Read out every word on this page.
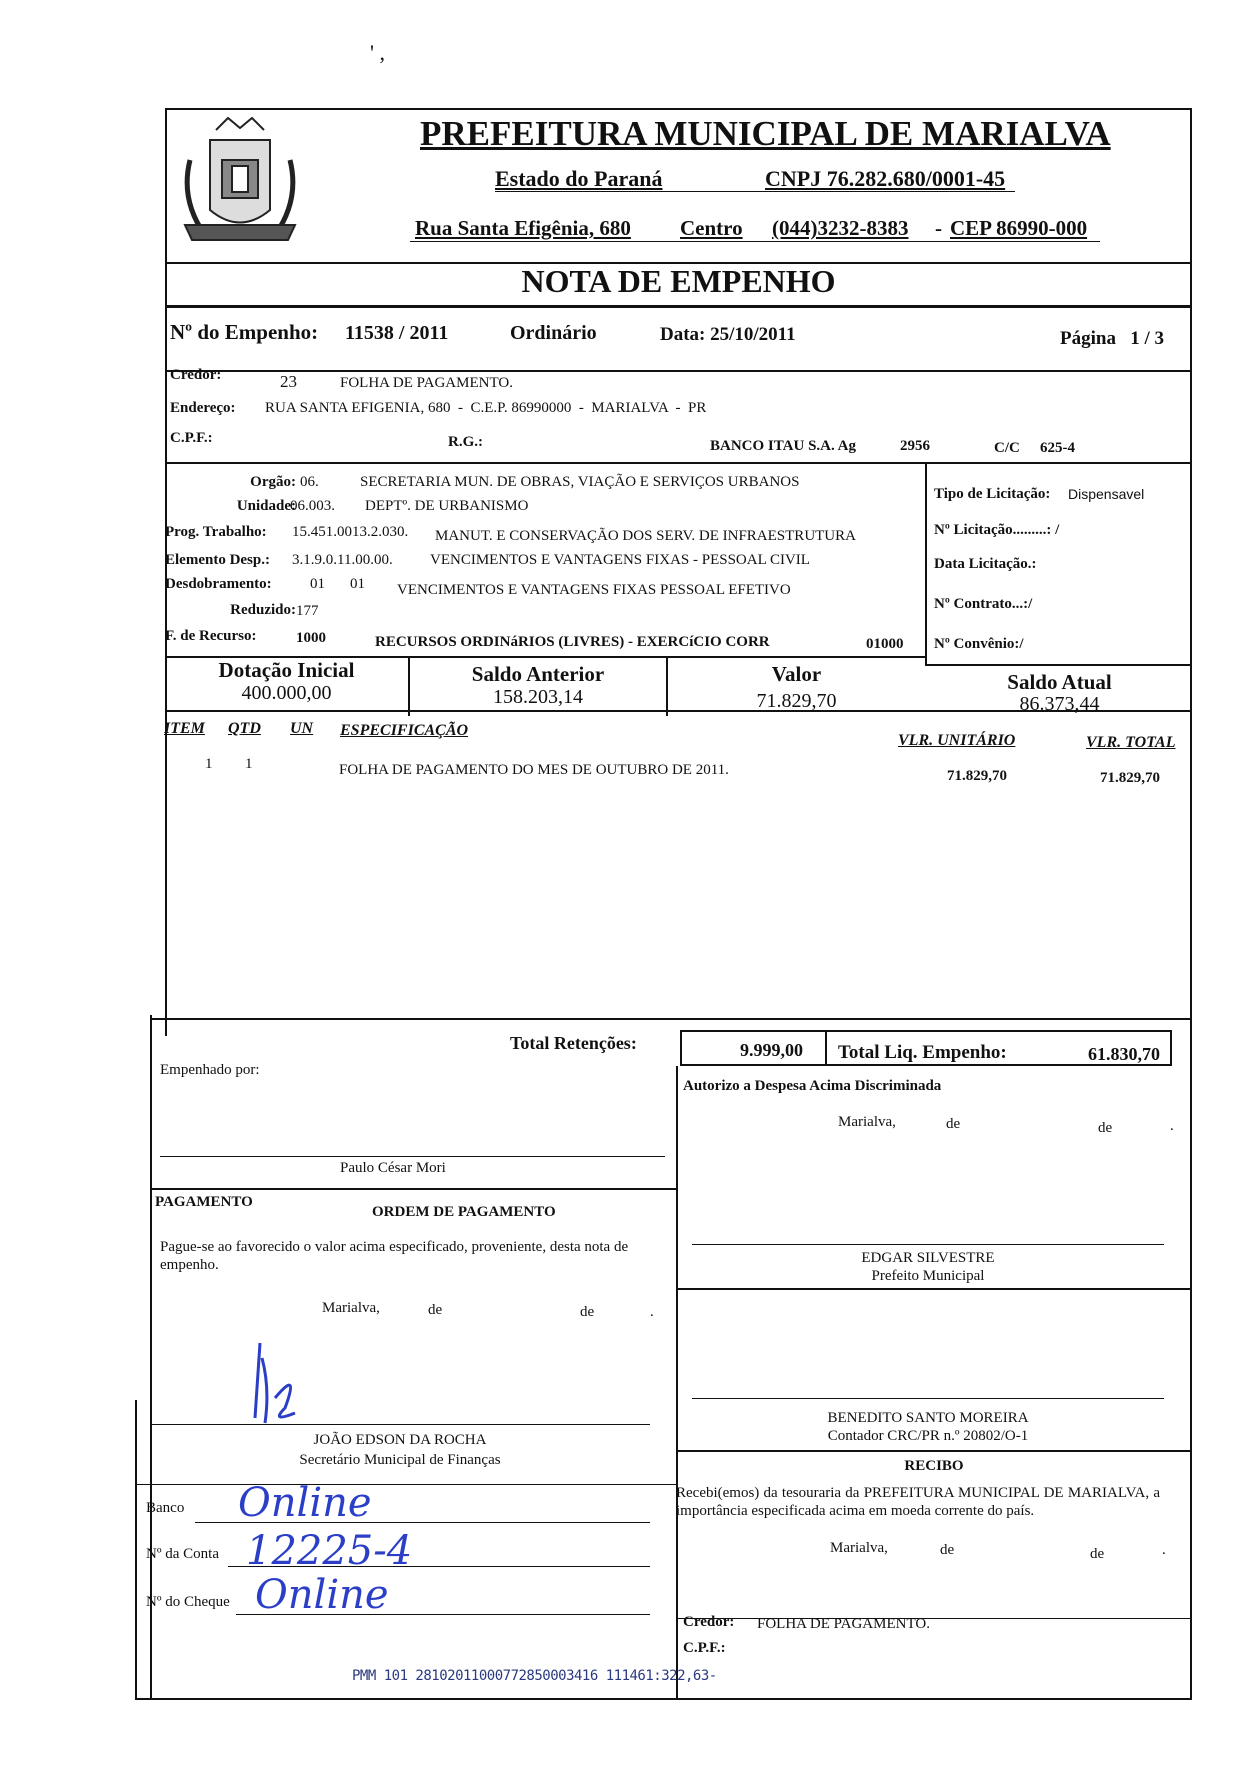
' ,
PREFEITURA MUNICIPAL DE MARIALVA
Estado do Paraná	CNPJ 76.282.680/0001-45
Rua Santa Efigênia, 680 Centro (044)3232-8383 - CEP 86990-000
NOTA DE EMPENHO
Nº do Empenho: 11538 / 2011	Ordinário	Data: 25/10/2011	Página   1 / 3
Credor:	23	FOLHA DE PAGAMENTO.
Endereço: RUA SANTA EFIGENIA, 680  -  C.E.P. 86990000  -  MARIALVA  -  PR
C.P.F.:	R.G.:	BANCO ITAU S.A. Ag	2956	C/C 625-4
Orgão: 06.	SECRETARIA MUN. DE OBRAS, VIAÇÃO E SERVIÇOS URBANOS
Unidade:
06.003. DEPTº. DE URBANISMO
Prog. Trabalho: 15.451.0013.2.030. MANUT. E CONSERVAÇÃO DOS SERV. DE INFRAESTRUTURA
Elemento Desp.: 3.1.9.0.11.00.00. VENCIMENTOS E VANTAGENS FIXAS - PESSOAL CIVIL
Desdobramento:	01 01 VENCIMENTOS E VANTAGENS FIXAS PESSOAL EFETIVO
Reduzido: 177
F. de Recurso:	1000	RECURSOS ORDINáRIOS (LIVRES) - EXERCíCIO CORR	01000
Tipo de Licitação: Dispensavel
Nº Licitação.........: /
Data Licitação.:
Nº Contrato...:/
Nº Convênio:/
Dotação Inicial
400.000,00
Saldo Anterior
158.203,14
Valor
71.829,70
Saldo Atual
86.373,44
ITEM QTD UN ESPECIFICAÇÃO
VLR. UNITÁRIO	VLR. TOTAL
1 1	FOLHA DE PAGAMENTO DO MES DE OUTUBRO DE 2011.	71.829,70	71.829,70
Total Retenções:	9.999,00 Total Liq. Empenho:	61.830,70
Empenhado por:
Autorizo a Despesa Acima Discriminada
Marialva,	de	de	.
Paulo César Mori
PAGAMENTO
ORDEM DE PAGAMENTO
Pague-se ao favorecido o valor acima especificado, proveniente, desta nota de empenho.
Marialva,	de	de	.
EDGAR SILVESTRE
Prefeito Municipal
JOÃO EDSON DA ROCHA
Secretário Municipal de Finanças
BENEDITO SANTO MOREIRA
Contador CRC/PR n.º 20802/O-1
RECIBO
Recebi(emos) da tesouraria da PREFEITURA MUNICIPAL DE MARIALVA, a importância especificada acima em moeda corrente do país.
Marialva,	de	de	.
Banco Online
Nº da Conta 12225-4
Nº do Cheque Online
Credor: FOLHA DE PAGAMENTO.
C.P.F.:
PMM 101 28102011000772850003416 111461:322,63-
